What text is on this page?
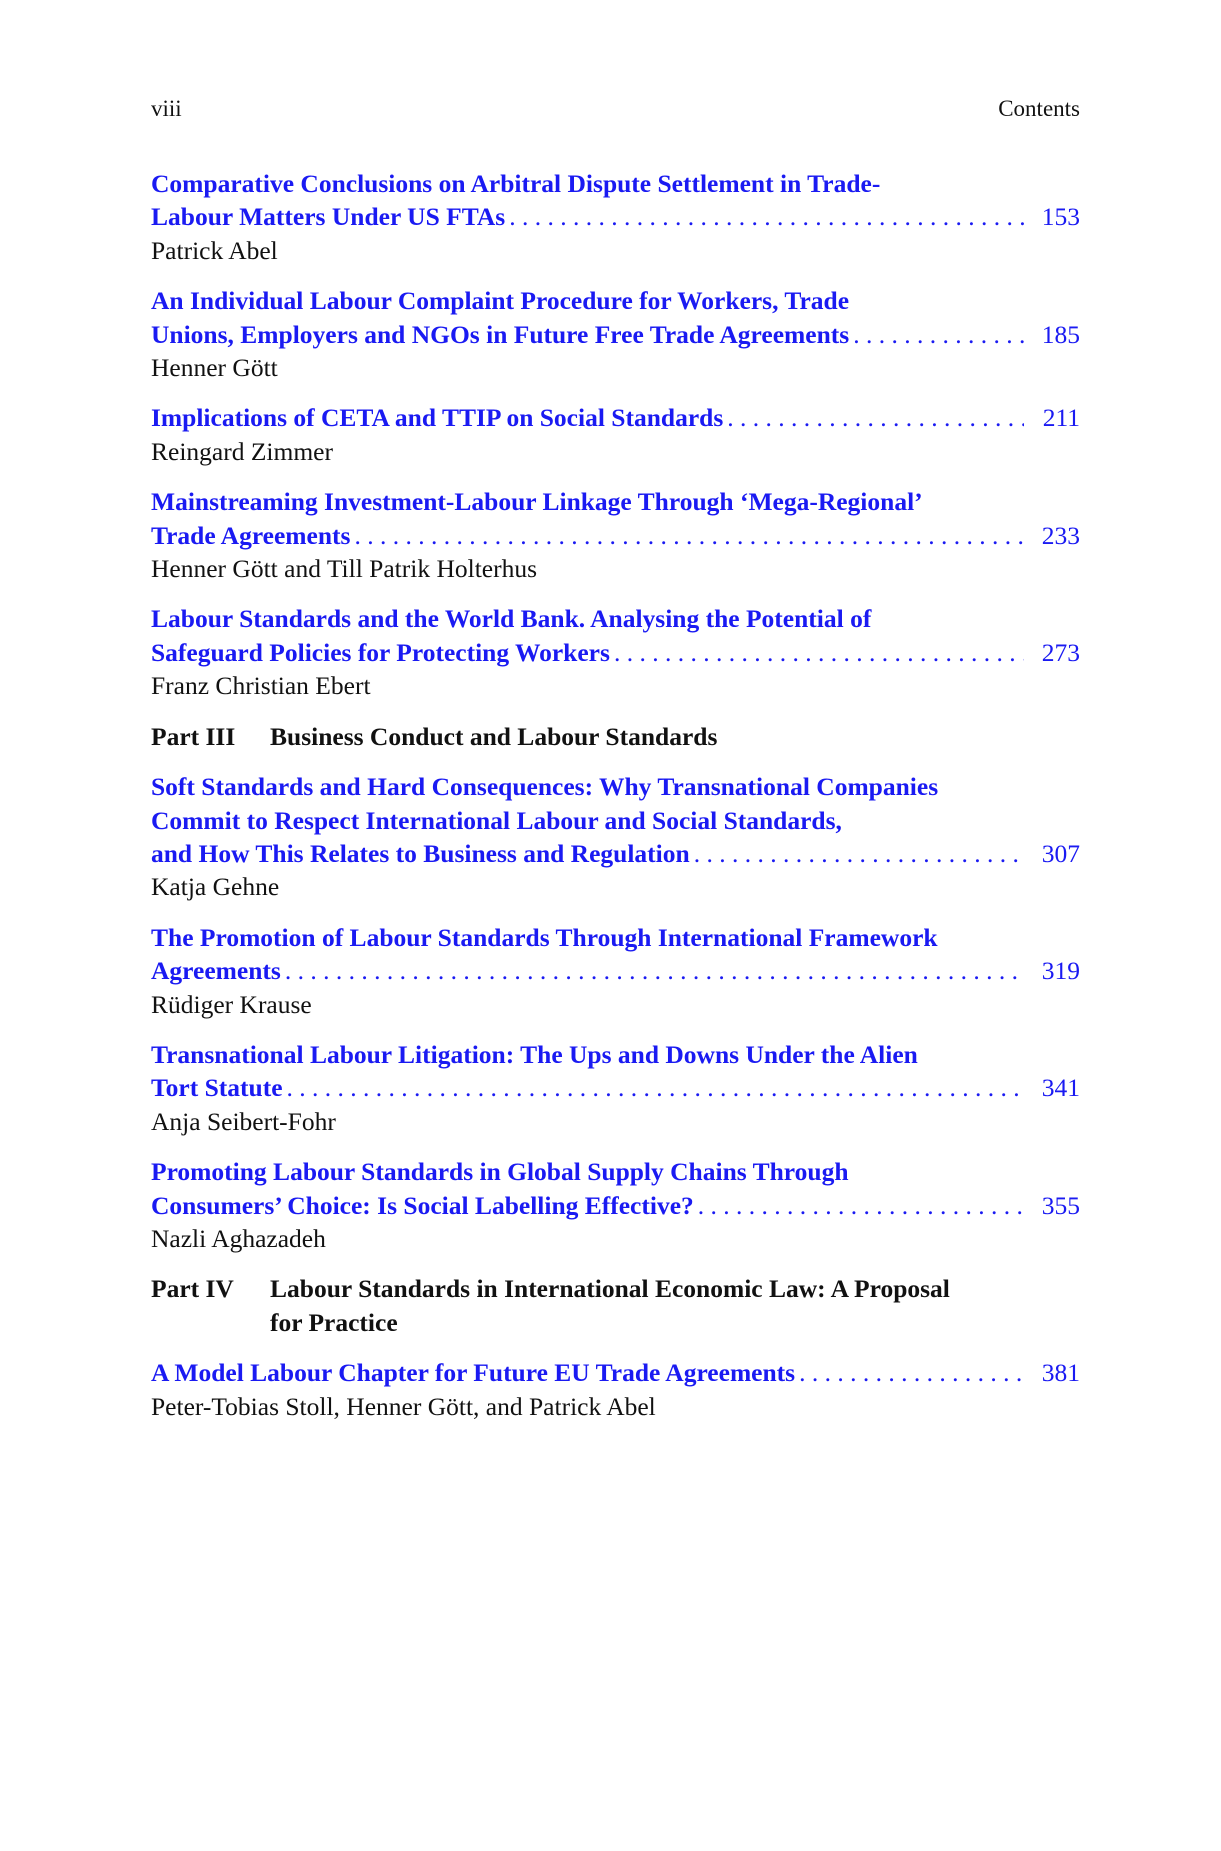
viii	Contents
Comparative Conclusions on Arbitral Dispute Settlement in Trade-
Labour Matters Under US FTAs . . .	153
Patrick Abel
An Individual Labour Complaint Procedure for Workers, Trade
Unions, Employers and NGOs in Future Free Trade Agreements . . .	185
Henner Gött
Implications of CETA and TTIP on Social Standards . . .	211
Reingard Zimmer
Mainstreaming Investment-Labour Linkage Through ‘Mega-Regional’
Trade Agreements . . .	233
Henner Gött and Till Patrik Holterhus
Labour Standards and the World Bank. Analysing the Potential of
Safeguard Policies for Protecting Workers . . .	273
Franz Christian Ebert
Part III	Business Conduct and Labour Standards
Soft Standards and Hard Consequences: Why Transnational Companies
Commit to Respect International Labour and Social Standards,
and How This Relates to Business and Regulation . . .	307
Katja Gehne
The Promotion of Labour Standards Through International Framework
Agreements . . .	319
Rüdiger Krause
Transnational Labour Litigation: The Ups and Downs Under the Alien
Tort Statute . . .	341
Anja Seibert-Fohr
Promoting Labour Standards in Global Supply Chains Through
Consumers’ Choice: Is Social Labelling Effective? . . .	355
Nazli Aghazadeh
Part IV	Labour Standards in International Economic Law: A Proposal
for Practice
A Model Labour Chapter for Future EU Trade Agreements . . .	381
Peter-Tobias Stoll, Henner Gött, and Patrick Abel
